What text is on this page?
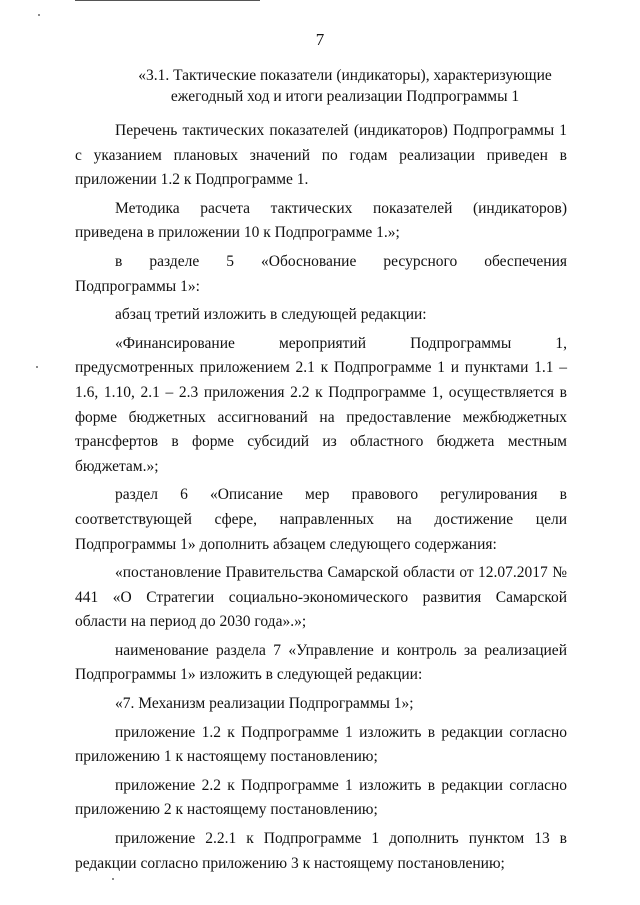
7
«3.1. Тактические показатели (индикаторы), характеризующие
ежегодный ход и итоги реализации Подпрограммы 1

Перечень тактических показателей (индикаторов) Подпрограммы 1 с указанием плановых значений по годам реализации приведен в приложении 1.2 к Подпрограмме 1.

Методика расчета тактических показателей (индикаторов) приведена в приложении 10 к Подпрограмме 1.»;

в разделе 5 «Обоснование ресурсного обеспечения
Подпрограммы 1»:

абзац третий изложить в следующей редакции:

«Финансирование мероприятий Подпрограммы 1, предусмотренных приложением 2.1 к Подпрограмме 1 и пунктами 1.1 – 1.6, 1.10, 2.1 – 2.3 приложения 2.2 к Подпрограмме 1, осуществляется в форме бюджетных ассигнований на предоставление межбюджетных трансфертов в форме субсидий из областного бюджета местным бюджетам.»;

раздел 6 «Описание мер правового регулирования в
соответствующей сфере, направленных на достижение цели
Подпрограммы 1» дополнить абзацем следующего содержания:

«постановление Правительства Самарской области от 12.07.2017 № 441 «О Стратегии социально-экономического развития Самарской области на период до 2030 года».»;

наименование раздела 7 «Управление и контроль за реализацией Подпрограммы 1» изложить в следующей редакции:

«7. Механизм реализации Подпрограммы 1»;

приложение 1.2 к Подпрограмме 1 изложить в редакции согласно приложению 1 к настоящему постановлению;

приложение 2.2 к Подпрограмме 1 изложить в редакции согласно приложению 2 к настоящему постановлению;

приложение 2.2.1 к Подпрограмме 1 дополнить пунктом 13 в редакции согласно приложению 3 к настоящему постановлению;
